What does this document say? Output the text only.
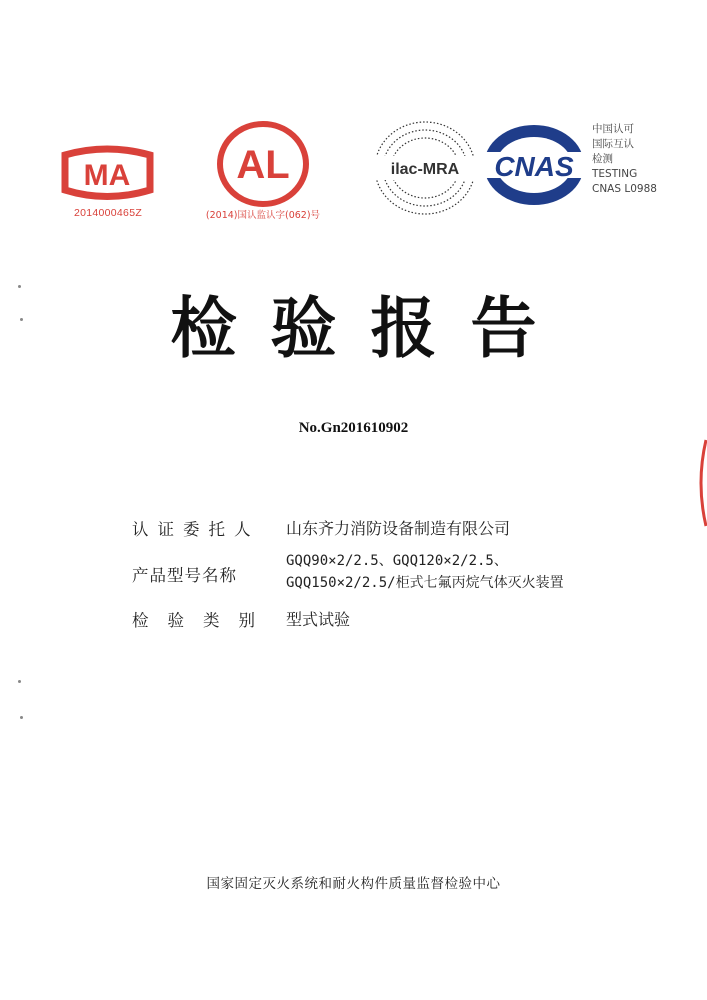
MA
2014000465Z
AL
(2014)国认监认字(062)号
ilac-MRA CNAS
中国认可
国际互认
检测
TESTING
CNAS L0988
检验报告
No.Gn201610902
认证委托人 山东齐力消防设备制造有限公司
产品型号名称
GQQ90×2/2.5、GQQ120×2/2.5、
GQQ150×2/2.5/柜式七氟丙烷气体灭火装置
检验类别 型式试验
国家固定灭火系统和耐火构件质量监督检验中心
